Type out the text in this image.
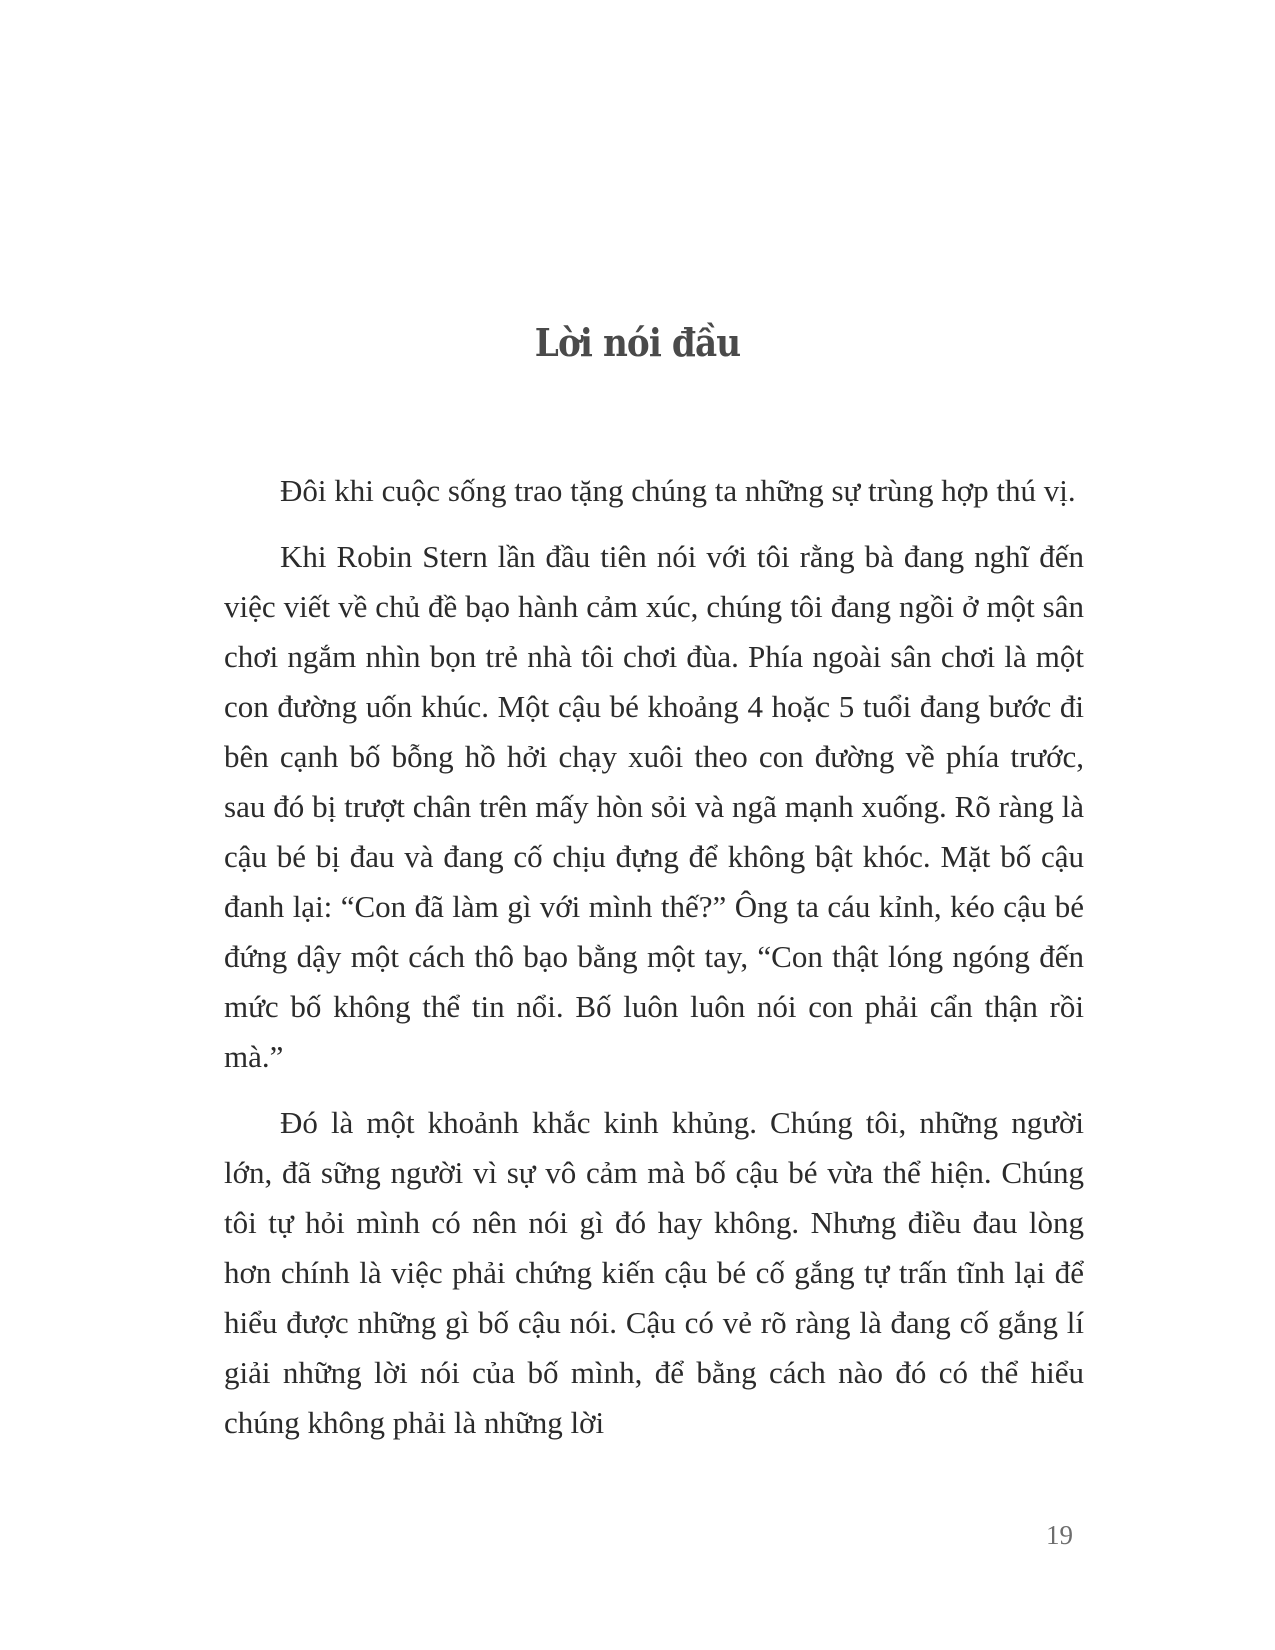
Lời nói đầu

Đôi khi cuộc sống trao tặng chúng ta những sự trùng hợp thú vị.

Khi Robin Stern lần đầu tiên nói với tôi rằng bà đang nghĩ đến việc viết về chủ đề bạo hành cảm xúc, chúng tôi đang ngồi ở một sân chơi ngắm nhìn bọn trẻ nhà tôi chơi đùa. Phía ngoài sân chơi là một con đường uốn khúc. Một cậu bé khoảng 4 hoặc 5 tuổi đang bước đi bên cạnh bố bỗng hồ hởi chạy xuôi theo con đường về phía trước, sau đó bị trượt chân trên mấy hòn sỏi và ngã mạnh xuống. Rõ ràng là cậu bé bị đau và đang cố chịu đựng để không bật khóc. Mặt bố cậu đanh lại: “Con đã làm gì với mình thế?” Ông ta cáu kỉnh, kéo cậu bé đứng dậy một cách thô bạo bằng một tay, “Con thật lóng ngóng đến mức bố không thể tin nổi. Bố luôn luôn nói con phải cẩn thận rồi mà.”

Đó là một khoảnh khắc kinh khủng. Chúng tôi, những người lớn, đã sững người vì sự vô cảm mà bố cậu bé vừa thể hiện. Chúng tôi tự hỏi mình có nên nói gì đó hay không. Nhưng điều đau lòng hơn chính là việc phải chứng kiến cậu bé cố gắng tự trấn tĩnh lại để hiểu được những gì bố cậu nói. Cậu có vẻ rõ ràng là đang cố gắng lí giải những lời nói của bố mình, để bằng cách nào đó có thể hiểu chúng không phải là những lời

19
